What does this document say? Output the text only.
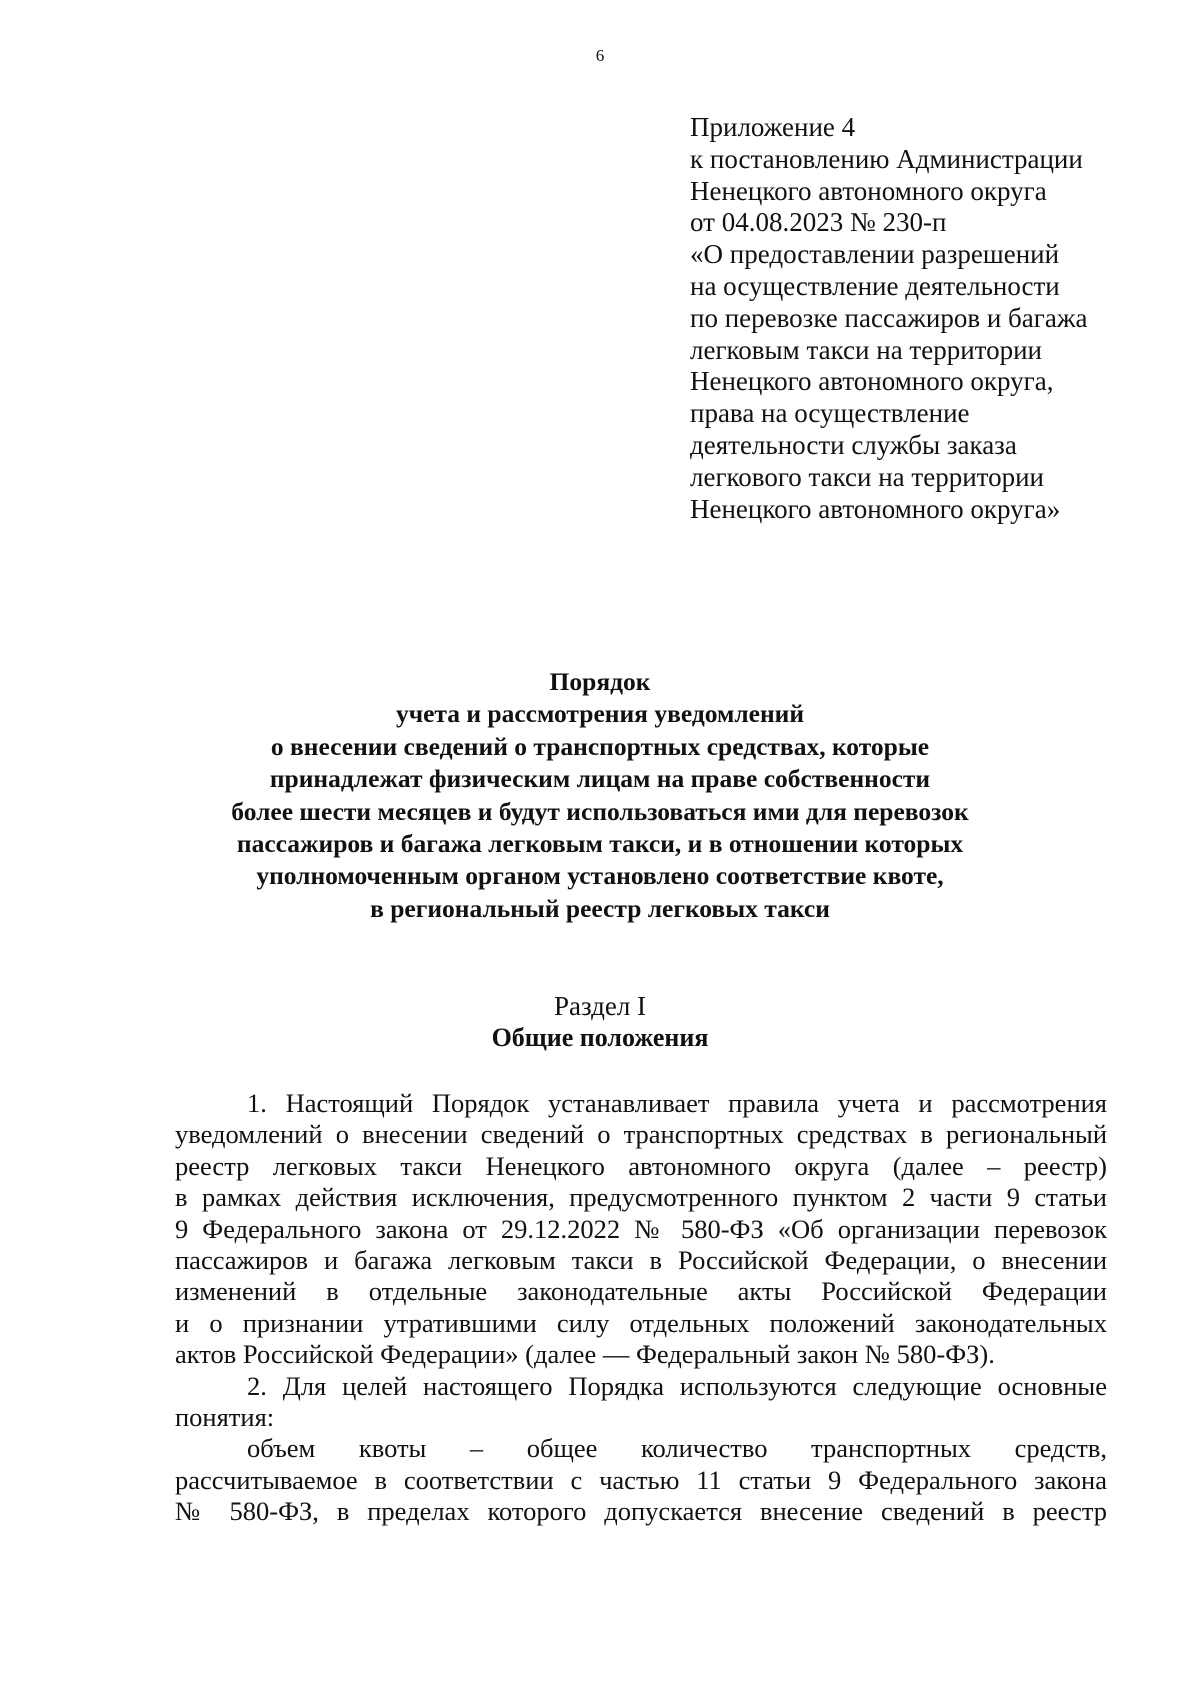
6
Приложение 4
к постановлению Администрации
Ненецкого автономного округа
от 04.08.2023 № 230-п
«О предоставлении разрешений
на осуществление деятельности
по перевозке пассажиров и багажа
легковым такси на территории
Ненецкого автономного округа,
права на осуществление
деятельности службы заказа
легкового такси на территории
Ненецкого автономного округа»
Порядок
учета и рассмотрения уведомлений
о внесении сведений о транспортных средствах, которые
принадлежат физическим лицам на праве собственности
более шести месяцев и будут использоваться ими для перевозок
пассажиров и багажа легковым такси, и в отношении которых
уполномоченным органом установлено соответствие квоте,
в региональный реестр легковых такси
Раздел I
Общие положения
1. Настоящий Порядок устанавливает правила учета и рассмотрения
уведомлений о внесении сведений о транспортных средствах в региональный
реестр легковых такси Ненецкого автономного округа (далее – реестр)
в рамках действия исключения, предусмотренного пунктом 2 части 9 статьи
9 Федерального закона от 29.12.2022 № 580-ФЗ «Об организации перевозок
пассажиров и багажа легковым такси в Российской Федерации, о внесении
изменений в отдельные законодательные акты Российской Федерации
и о признании утратившими силу отдельных положений законодательных
актов Российской Федерации» (далее — Федеральный закон № 580-ФЗ).
2. Для целей настоящего Порядка используются следующие основные
понятия:
объем квоты – общее количество транспортных средств,
рассчитываемое в соответствии с частью 11 статьи 9 Федерального закона
№ 580-ФЗ, в пределах которого допускается внесение сведений в реестр
